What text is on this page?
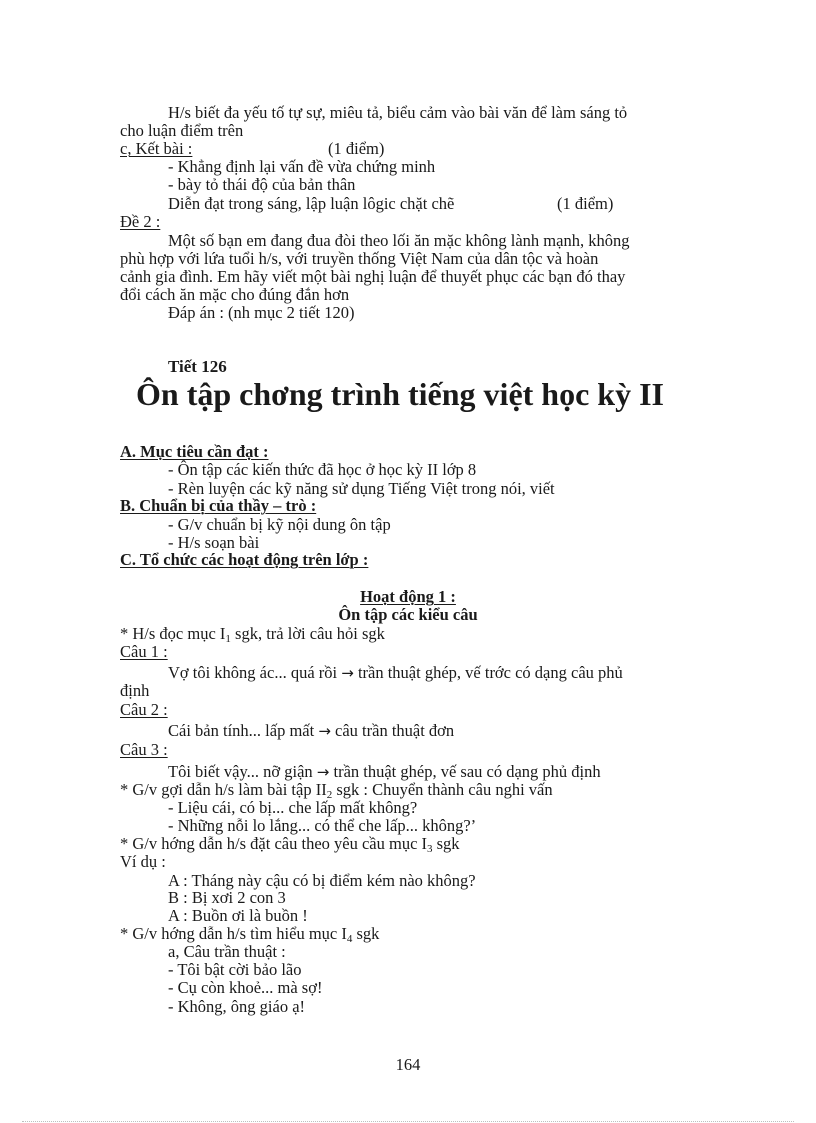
H/s biết đa yếu tố tự sự, miêu tả, biểu cảm vào bài văn để làm sáng tỏ
cho luận điểm trên
c, Kết bài :	(1 điểm)
- Khẳng định lại vấn đề vừa chứng minh
- bày tỏ thái độ của bản thân
Diễn đạt trong sáng, lập luận lôgic chặt chẽ	(1 điểm)
Đề 2 :
Một số bạn em đang đua đòi theo lối ăn mặc không lành mạnh, không
phù hợp với lứa tuổi h/s, với truyền thống Việt Nam của dân tộc và hoàn
cảnh gia đình. Em hãy viết một bài nghị luận để thuyết phục các bạn đó thay
đổi cách ăn mặc cho đúng đắn hơn
Đáp án : (nh mục 2 tiết 120)
Tiết 126
Ôn tập chơng trình tiếng việt học kỳ II
A. Mục tiêu cần đạt :
- Ôn tập các kiến thức đã học ở học kỳ II lớp 8
- Rèn luyện các kỹ năng sử dụng Tiếng Việt trong nói, viết
B. Chuẩn bị của thầy – trò :
- G/v chuẩn bị kỹ nội dung ôn tập
- H/s soạn bài
C. Tổ chức các hoạt động trên lớp :
Hoạt động 1 :
Ôn tập các kiểu câu
* H/s đọc mục $I_1$ sgk, trả lời câu hỏi sgk
Câu 1 :
Vợ tôi không ác... quá rồi → trần thuật ghép, vế trớc có dạng câu phủ
định
Câu 2 :
Cái bản tính... lấp mất → câu trần thuật đơn
Câu 3 :
Tôi biết vậy... nỡ giận → trần thuật ghép, vế sau có dạng phủ định
* G/v gợi dẫn h/s làm bài tập $II_2$ sgk : Chuyển thành câu nghi vấn
- Liệu cái, có bị... che lấp mất không?
- Những nỗi lo lắng... có thể che lấp... không?’
* G/v hớng dẫn h/s đặt câu theo yêu cầu mục $I_3$ sgk
Ví dụ :
A : Tháng này cậu có bị điểm kém nào không?
B : Bị xơi 2 con 3
A : Buồn ơi là buồn !
* G/v hớng dẫn h/s tìm hiểu mục $I_4$ sgk
a, Câu trần thuật :
- Tôi bật cời bảo lão
- Cụ còn khoẻ... mà sợ!
- Không, ông giáo ạ!
164
